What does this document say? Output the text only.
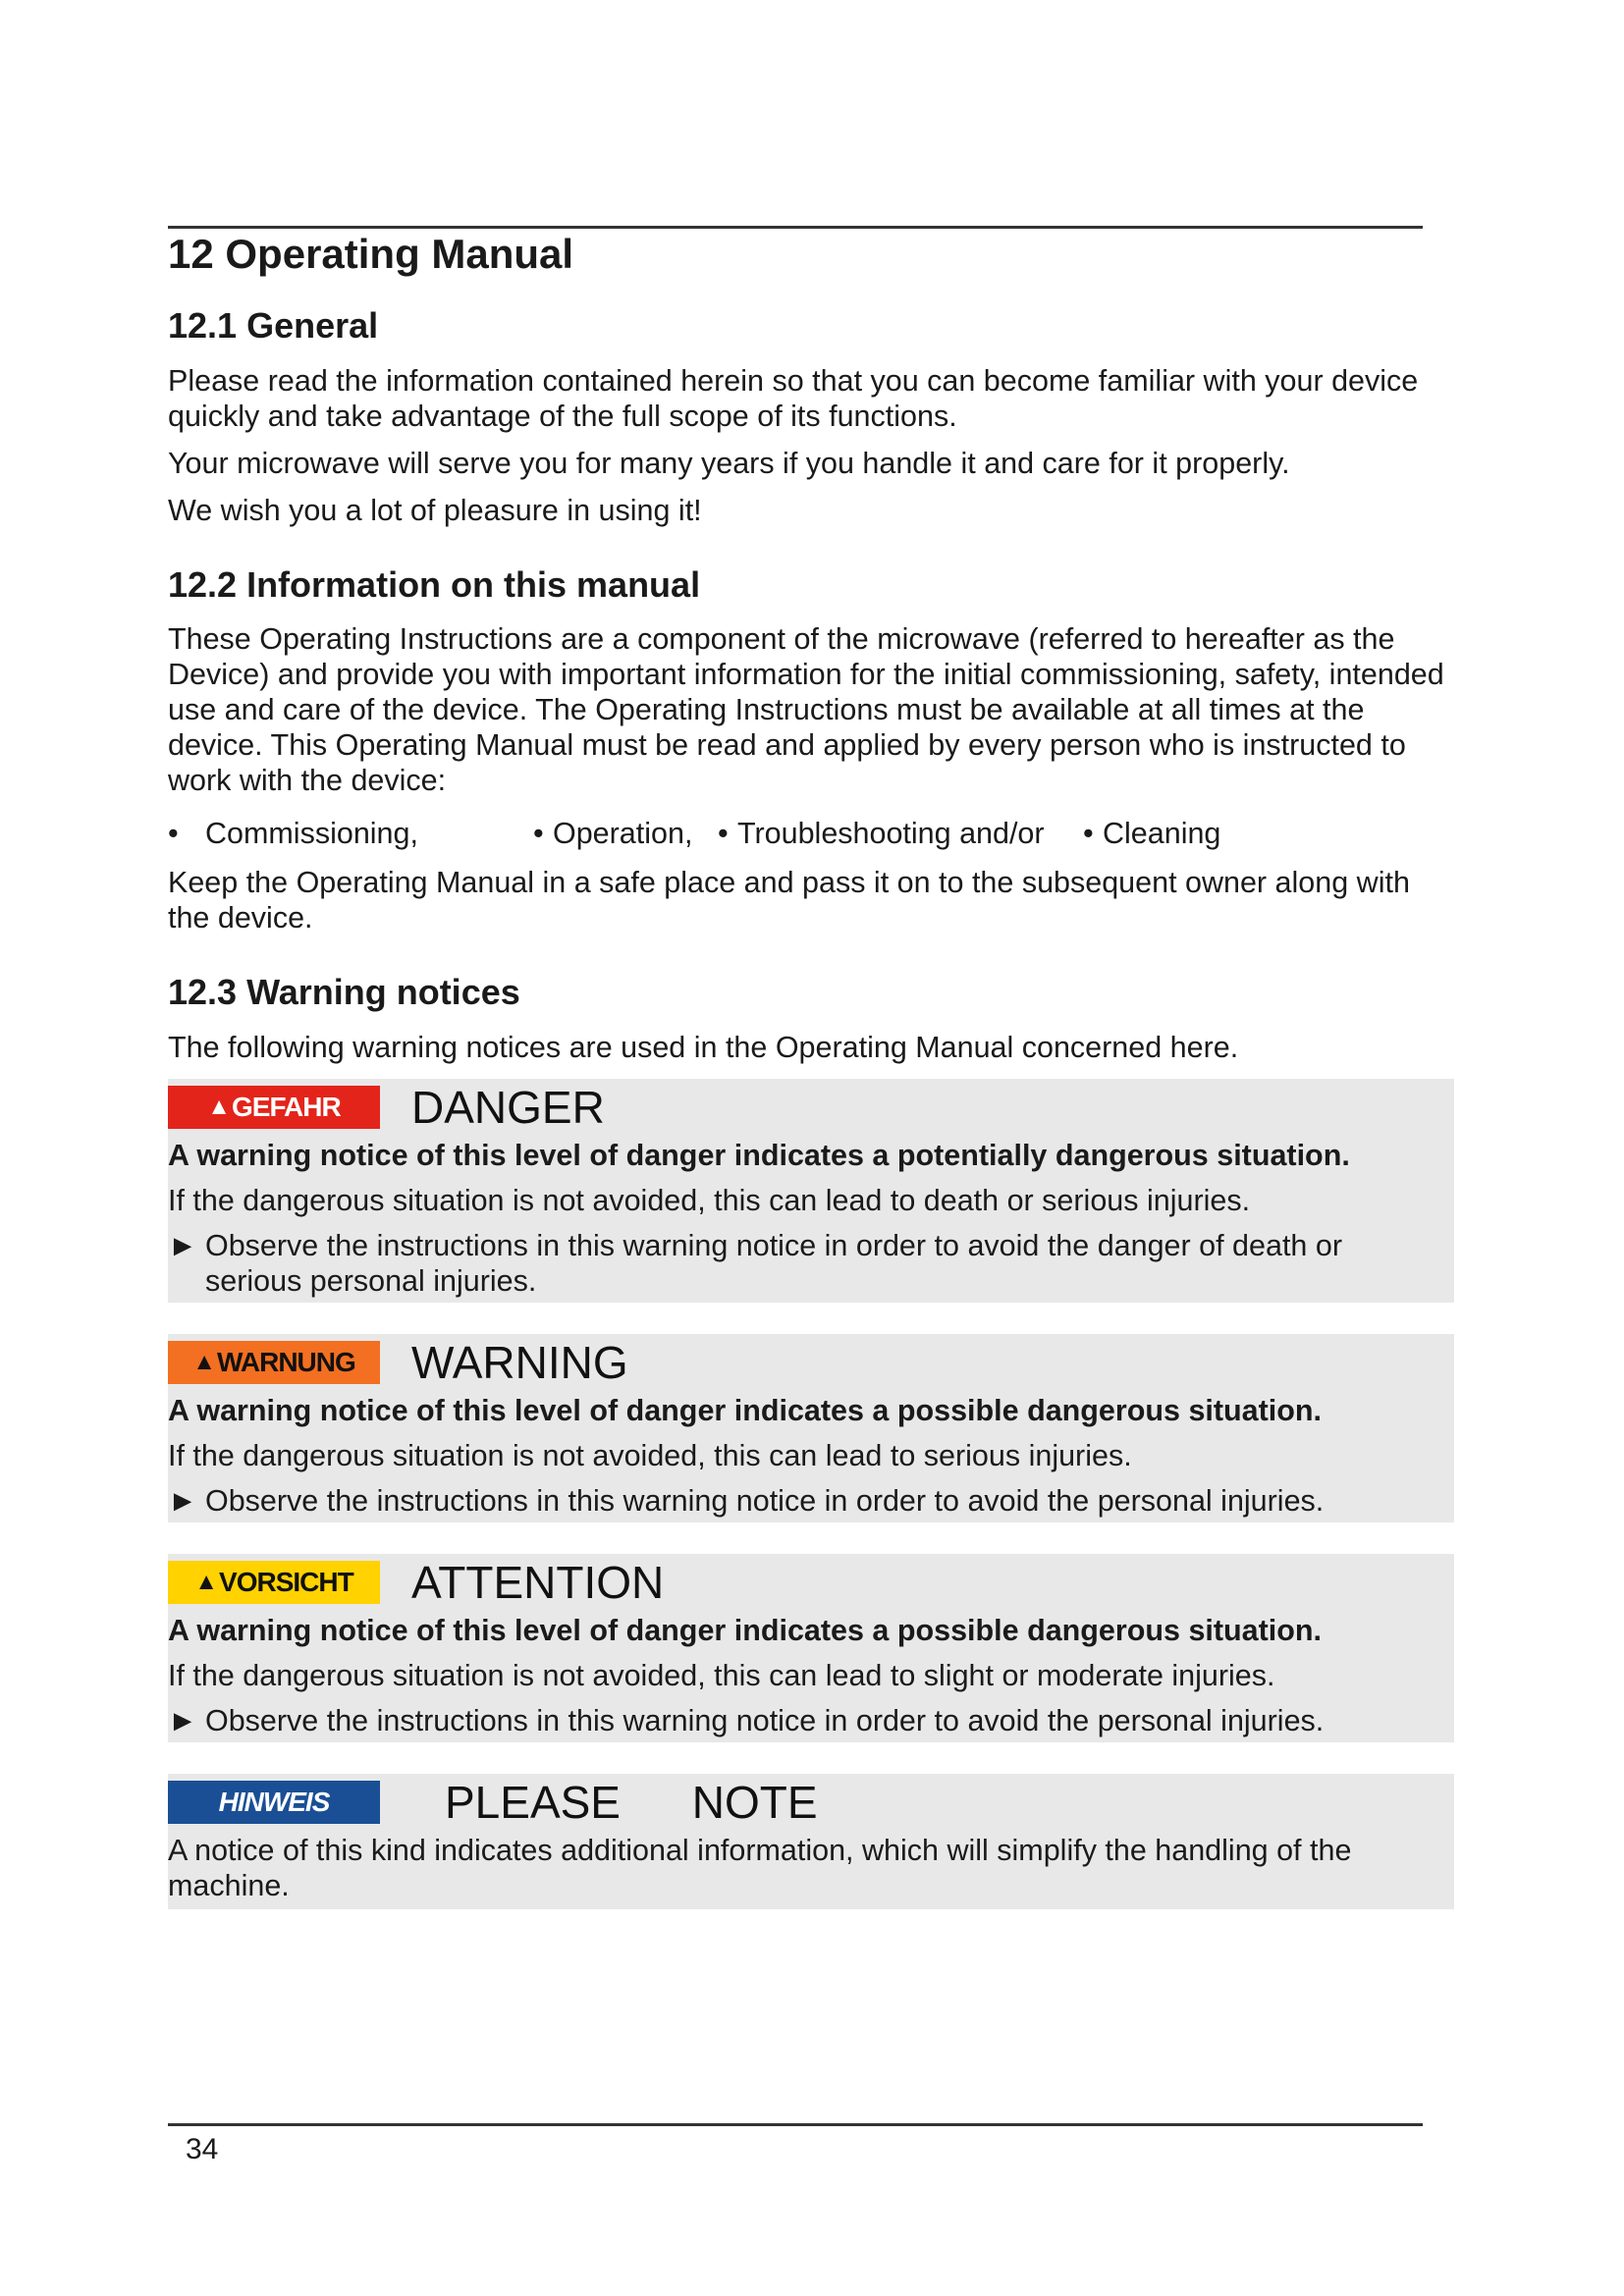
12 Operating Manual
12.1 General

Please read the information contained herein so that you can become familiar with your device quickly and take advantage of the full scope of its functions.

Your microwave will serve you for many years if you handle it and care for it properly.

We wish you a lot of pleasure in using it!

12.2 Information on this manual

These Operating Instructions are a component of the microwave (referred to hereafter as the Device) and provide you with important information for the initial commissioning, safety, intended use and care of the device. The Operating Instructions must be available at all times at the device. This Operating Manual must be read and applied by every person who is instructed to work with the device:

• Commissioning,	• Operation, • Troubleshooting and/or	• Cleaning

Keep the Operating Manual in a safe place and pass it on to the subsequent owner along with the device.

12.3 Warning notices

The following warning notices are used in the Operating Manual concerned here.

▲ GEFAHR DANGER
A warning notice of this level of danger indicates a potentially dangerous situation.
If the dangerous situation is not avoided, this can lead to death or serious injuries.
► Observe the instructions in this warning notice in order to avoid the danger of death or serious personal injuries.
▲ WARNUNG WARNING
A warning notice of this level of danger indicates a possible dangerous situation.
If the dangerous situation is not avoided, this can lead to serious injuries.
► Observe the instructions in this warning notice in order to avoid the personal injuries.
▲ VORSICHT ATTENTION
A warning notice of this level of danger indicates a possible dangerous situation.
If the dangerous situation is not avoided, this can lead to slight or moderate injuries.
► Observe the instructions in this warning notice in order to avoid the personal injuries.
HINWEIS	PLEASE NOTE
A notice of this kind indicates additional information, which will simplify the handling of the machine.
34
